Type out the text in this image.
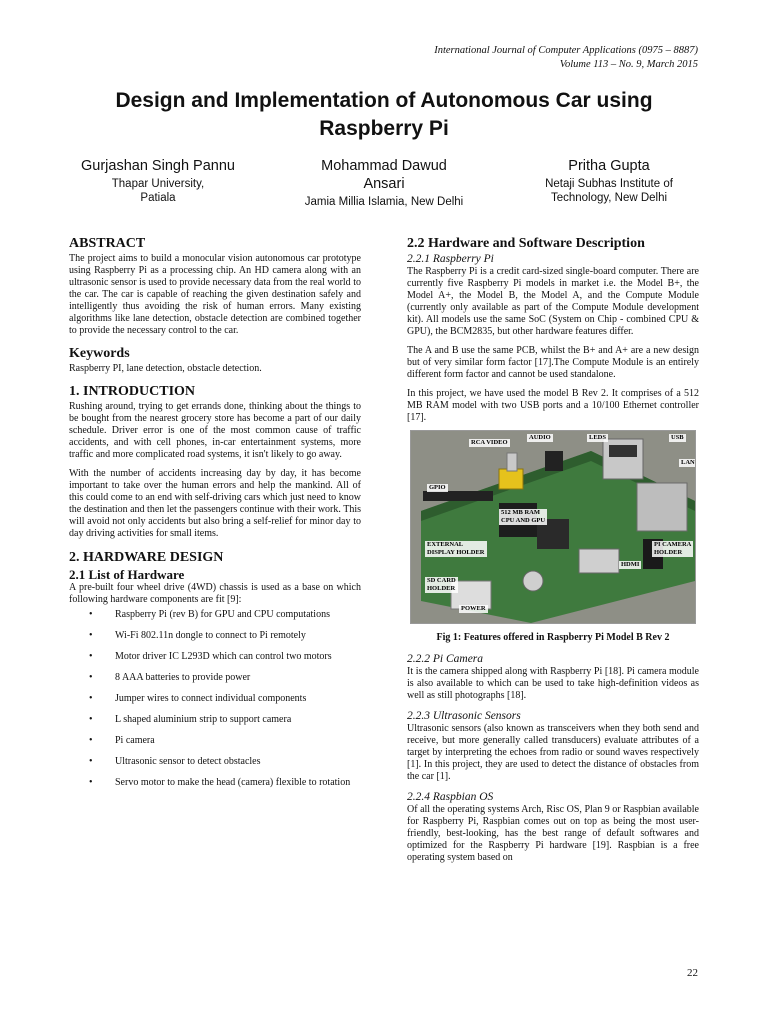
International Journal of Computer Applications (0975 – 8887)
Volume 113 – No. 9, March 2015
Design and Implementation of Autonomous Car using
Raspberry Pi
Gurjashan Singh Pannu
Thapar University,
Patiala
Mohammad Dawud
Ansari
Jamia Millia Islamia, New Delhi
Pritha Gupta
Netaji Subhas Institute of
Technology, New Delhi
ABSTRACT

The project aims to build a monocular vision autonomous car prototype using Raspberry Pi as a processing chip. An HD camera along with an ultrasonic sensor is used to provide necessary data from the real world to the car. The car is capable of reaching the given destination safely and intelligently thus avoiding the risk of human errors. Many existing algorithms like lane detection, obstacle detection are combined together to provide the necessary control to the car.

Keywords

Raspberry PI, lane detection, obstacle detection.

1. INTRODUCTION

Rushing around, trying to get errands done, thinking about the things to be bought from the nearest grocery store has become a part of our daily schedule. Driver error is one of the most common cause of traffic accidents, and with cell phones, in-car entertainment systems, more traffic and more complicated road systems, it isn't likely to go away.

With the number of accidents increasing day by day, it has become important to take over the human errors and help the mankind. All of this could come to an end with self-driving cars which just need to know the destination and then let the passengers continue with their work. This will avoid not only accidents but also bring a self-relief for minor day to day driving activities for small items.

2. HARDWARE DESIGN
2.1 List of Hardware

A pre-built four wheel drive (4WD) chassis is used as a base on which following hardware components are fit [9]:

• Raspberry Pi (rev B) for GPU and CPU computations
• Wi-Fi 802.11n dongle to connect to Pi remotely
• Motor driver IC L293D which can control two motors
• 8 AAA batteries to provide power
• Jumper wires to connect individual components
• L shaped aluminium strip to support camera
• Pi camera
• Ultrasonic sensor to detect obstacles
• Servo motor to make the head (camera) flexible to rotation
2.2 Hardware and Software Description
2.2.1 Raspberry Pi

The Raspberry Pi is a credit card-sized single-board computer. There are currently five Raspberry Pi models in market i.e. the Model B+, the Model A+, the Model B, the Model A, and the Compute Module (currently only available as part of the Compute Module development kit). All models use the same SoC (System on Chip - combined CPU & GPU), the BCM2835, but other hardware features differ.

The A and B use the same PCB, whilst the B+ and A+ are a new design but of very similar form factor [17].The Compute Module is an entirely different form factor and cannot be used standalone.

In this project, we have used the model B Rev 2. It comprises of a 512 MB RAM model with two USB ports and a 10/100 Ethernet controller [17].

RCA VIDEO
AUDIO	LEDS	USB
LAN
GPIO
512 MB RAM
CPU AND GPU
EXTERNAL
DISPLAY HOLDER
PI CAMERA
HOLDER
HDMI
SD CARD
HOLDER
POWER
Fig 1: Features offered in Raspberry Pi Model B Rev 2
2.2.2 Pi Camera

It is the camera shipped along with Raspberry Pi [18]. Pi camera module is also available to which can be used to take high-definition videos as well as still photographs [18].

2.2.3 Ultrasonic Sensors

Ultrasonic sensors (also known as transceivers when they both send and receive, but more generally called transducers) evaluate attributes of a target by interpreting the echoes from radio or sound waves respectively [1]. In this project, they are used to detect the distance of obstacles from the car [1].

2.2.4 Raspbian OS

Of all the operating systems Arch, Risc OS, Plan 9 or Raspbian available for Raspberry Pi, Raspbian comes out on top as being the most user-friendly, best-looking, has the best range of default softwares and optimized for the Raspberry Pi hardware [19]. Raspbian is a free operating system based on

22
